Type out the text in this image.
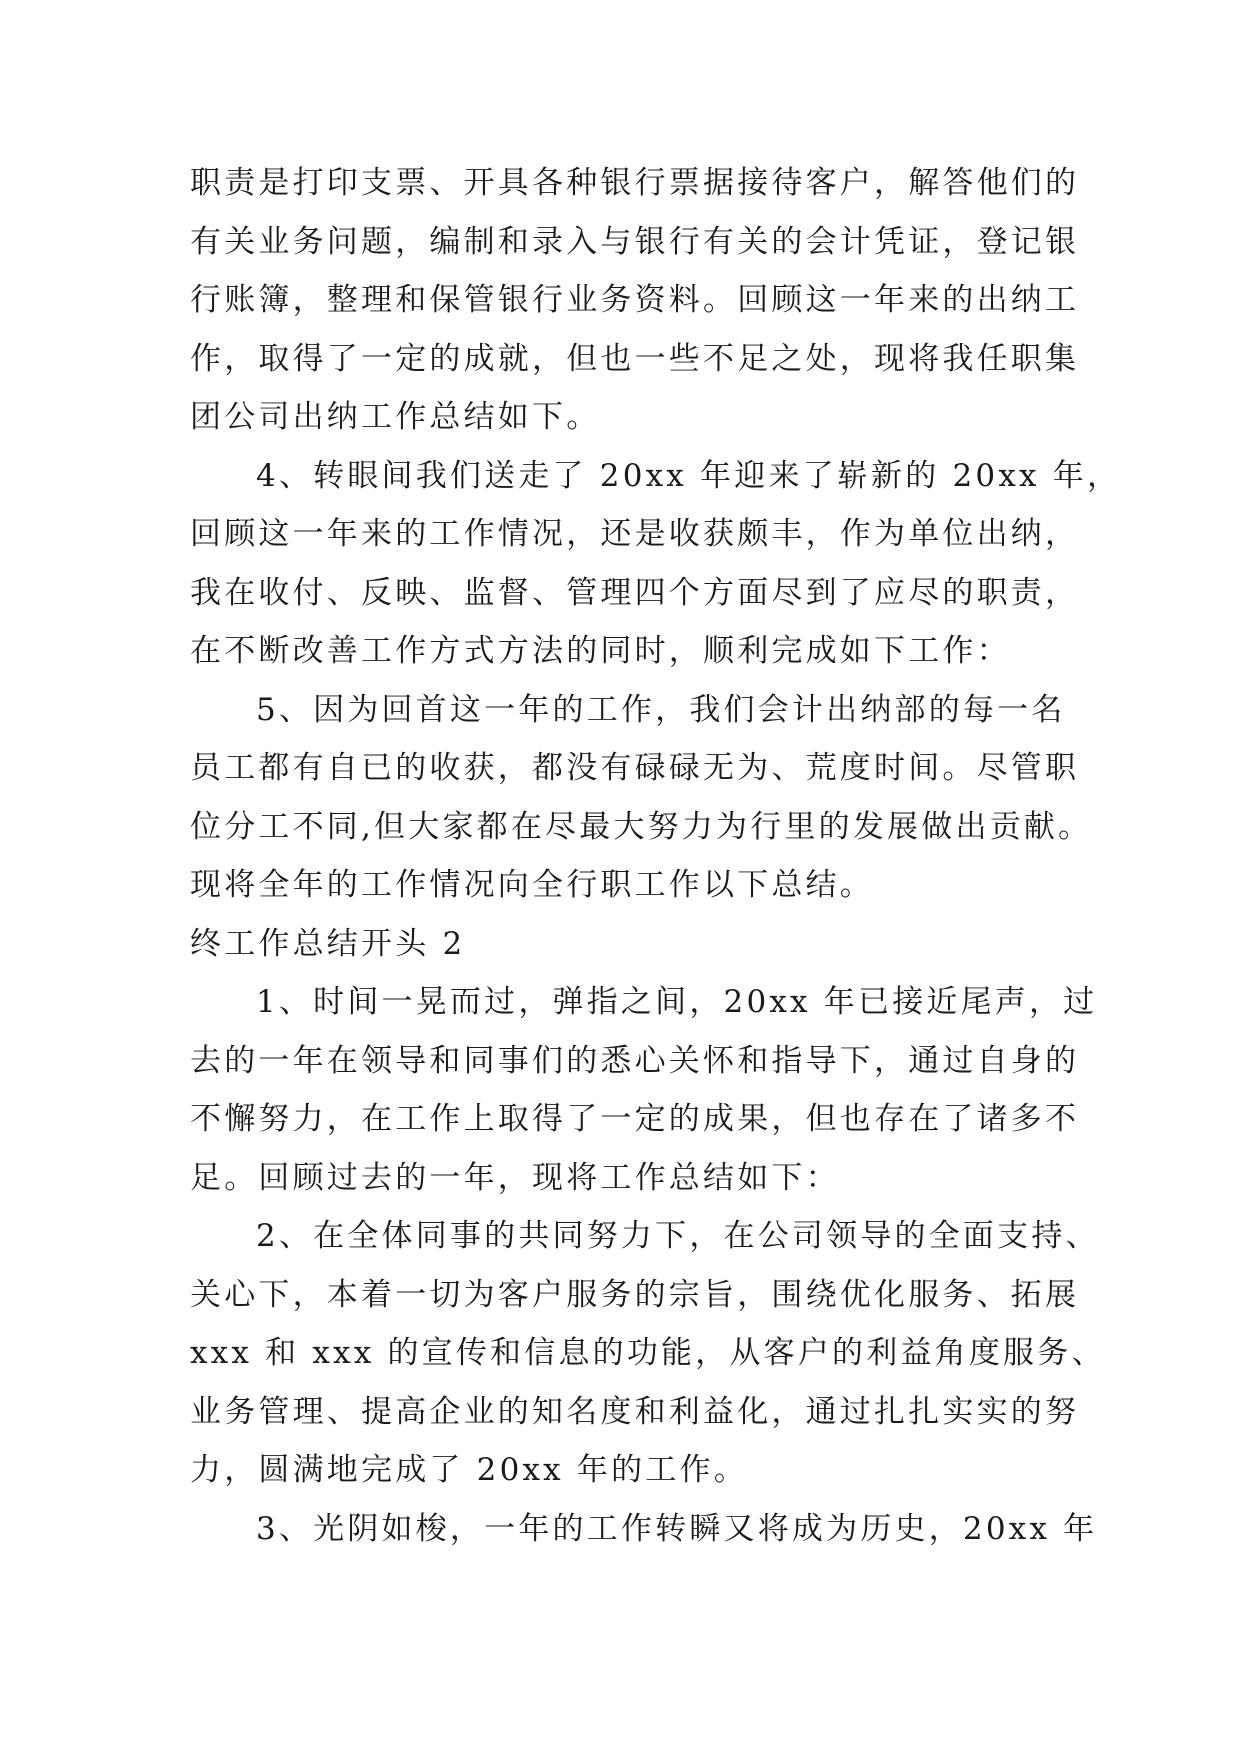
职责是打印支票、开具各种银行票据接待客户，解答他们的
有关业务问题，编制和录入与银行有关的会计凭证，登记银
行账簿，整理和保管银行业务资料。回顾这一年来的出纳工
作，取得了一定的成就，但也一些不足之处，现将我任职集
团公司出纳工作总结如下。
4、转眼间我们送走了 20xx 年迎来了崭新的 20xx 年，
回顾这一年来的工作情况，还是收获颇丰，作为单位出纳，
我在收付、反映、监督、管理四个方面尽到了应尽的职责，
在不断改善工作方式方法的同时，顺利完成如下工作：
5、因为回首这一年的工作，我们会计出纳部的每一名
员工都有自已的收获，都没有碌碌无为、荒度时间。尽管职
位分工不同,但大家都在尽最大努力为行里的发展做出贡献。
现将全年的工作情况向全行职工作以下总结。
终工作总结开头 2
1、时间一晃而过，弹指之间，20xx 年已接近尾声，过
去的一年在领导和同事们的悉心关怀和指导下，通过自身的
不懈努力，在工作上取得了一定的成果，但也存在了诸多不
足。回顾过去的一年，现将工作总结如下：
2、在全体同事的共同努力下，在公司领导的全面支持、
关心下，本着一切为客户服务的宗旨，围绕优化服务、拓展
xxx 和 xxx 的宣传和信息的功能，从客户的利益角度服务、
业务管理、提高企业的知名度和利益化，通过扎扎实实的努
力，圆满地完成了 20xx 年的工作。
3、光阴如梭，一年的工作转瞬又将成为历史，20xx 年
